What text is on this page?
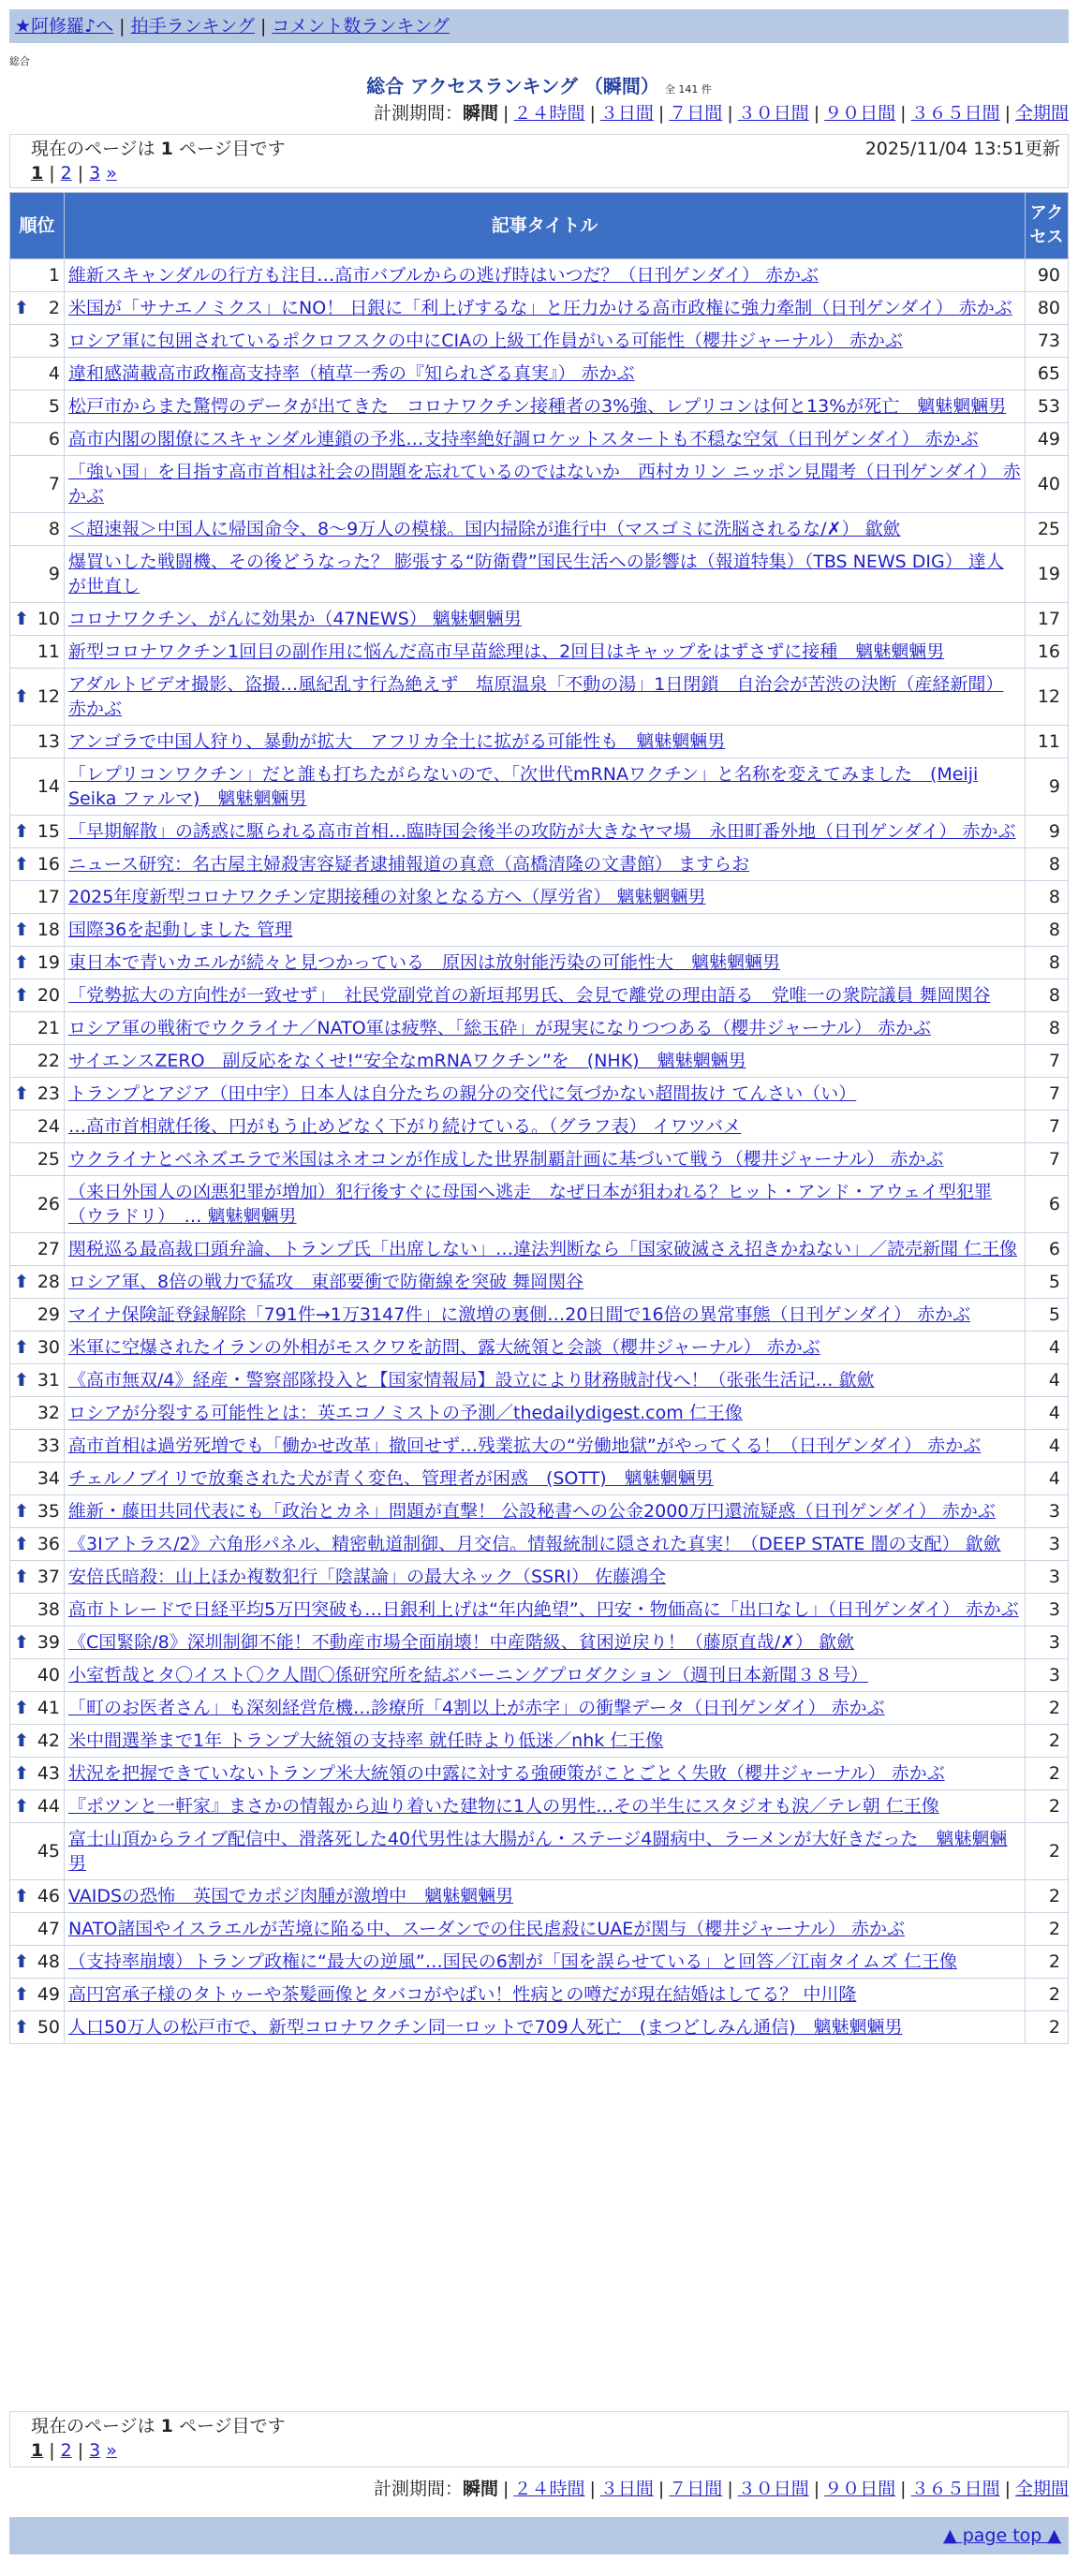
★阿修羅♪へ | 拍手ランキング | コメント数ランキング
総合
総合 アクセスランキング （瞬間） 全 141 件
計測期間：瞬間 | ２４時間 | ３日間 | ７日間 | ３０日間 | ９０日間 | ３６５日間 | 全期間
現在のページは 1 ページ目です
1 | 2 | 3 »
2025/11/04 13:51更新
順位	記事タイトル	アクセス
1	維新スキャンダルの行方も注目…高市バブルからの逃げ時はいつだ？（日刊ゲンダイ） 赤かぶ	90

⬆ 2	米国が「サナエノミクス」にNO！ 日銀に「利上げするな」と圧力かける高市政権に強力牽制（日刊ゲンダイ） 赤かぶ	80
3	ロシア軍に包囲されているポクロフスクの中にCIAの上級工作員がいる可能性（櫻井ジャーナル） 赤かぶ	73
4	違和感満載高市政権高支持率（植草一秀の『知られざる真実』） 赤かぶ	65
5	松戸市からまた驚愕のデータが出てきた　コロナワクチン接種者の3%強、レプリコンは何と13%が死亡　魑魅魍魎男	53
6	高市内閣の閣僚にスキャンダル連鎖の予兆…支持率絶好調ロケットスタートも不穏な空気（日刊ゲンダイ） 赤かぶ	49
7	「強い国」を目指す高市首相は社会の問題を忘れているのではないか　西村カリン ニッポン見聞考（日刊ゲンダイ） 赤かぶ	40
8	＜超速報＞中国人に帰国命令、8～9万人の模様。国内掃除が進行中（マスゴミに洗脳されるな/✗） 歙歛	25
9	爆買いした戦闘機、その後どうなった？ 膨張する“防衛費”国民生活への影響は（報道特集）（TBS NEWS DIG） 達人が世直し	19

⬆ 10	コロナワクチン、がんに効果か（47NEWS） 魑魅魍魎男	17
11	新型コロナワクチン1回目の副作用に悩んだ高市早苗総理は、2回目はキャップをはずさずに接種　魑魅魍魎男	16

⬆ 12	アダルトビデオ撮影、盗撮…風紀乱す行為絶えず　塩原温泉「不動の湯」1日閉鎖　自治会が苦渋の決断（産経新聞） 赤かぶ	12
13	アンゴラで中国人狩り、暴動が拡大　アフリカ全土に拡がる可能性も　魑魅魍魎男	11
14	「レプリコンワクチン」だと誰も打ちたがらないので、「次世代mRNAワクチン」と名称を変えてみました　(Meiji Seika ファルマ)　魑魅魍魎男	9

⬆ 15	「早期解散」の誘惑に駆られる高市首相…臨時国会後半の攻防が大きなヤマ場　永田町番外地（日刊ゲンダイ） 赤かぶ	9

⬆ 16	ニュース研究：名古屋主婦殺害容疑者逮捕報道の真意（高橋清隆の文書館） ますらお	8
17	2025年度新型コロナワクチン定期接種の対象となる方へ（厚労省） 魑魅魍魎男	8

⬆ 18	国際36を起動しました 管理	8

⬆ 19	東日本で青いカエルが続々と見つかっている　原因は放射能汚染の可能性大　魑魅魍魎男	8

⬆ 20	「党勢拡大の方向性が一致せず」　社民党副党首の新垣邦男氏、会見で離党の理由語る　党唯一の衆院議員 舞岡関谷	8
21	ロシア軍の戦術でウクライナ／NATO軍は疲弊、「総玉砕」が現実になりつつある（櫻井ジャーナル） 赤かぶ	8
22	サイエンスZERO　副反応をなくせ!“安全なmRNAワクチン”を　(NHK)　魑魅魍魎男	7

⬆ 23	トランプとアジア（田中宇）日本人は自分たちの親分の交代に気づかない超間抜け てんさい（い）	7
24	…高市首相就任後、円がもう止めどなく下がり続けている。（グラフ表） イワツバメ	7
25	ウクライナとベネズエラで米国はネオコンが作成した世界制覇計画に基づいて戦う（櫻井ジャーナル） 赤かぶ	7
26	（来日外国人の凶悪犯罪が増加）犯行後すぐに母国へ逃走　なぜ日本が狙われる？ヒット・アンド・アウェイ型犯罪（ウラドリ）　… 魑魅魍魎男	6
27	関税巡る最高裁口頭弁論、トランプ氏「出席しない」…違法判断なら「国家破滅さえ招きかねない」／読売新聞 仁王像	6

⬆ 28	ロシア軍、8倍の戦力で猛攻　東部要衝で防衛線を突破 舞岡関谷	5
29	マイナ保険証登録解除「791件→1万3147件」に激増の裏側…20日間で16倍の異常事態（日刊ゲンダイ） 赤かぶ	5

⬆ 30	米軍に空爆されたイランの外相がモスクワを訪問、露大統領と会談（櫻井ジャーナル） 赤かぶ	4

⬆ 31	《高市無双/4》経産・警察部隊投入と【国家情報局】設立により財務賊討伐へ！（张张生活记… 歙歛	4
32	ロシアが分裂する可能性とは：英エコノミストの予測／thedailydigest.com 仁王像	4
33	高市首相は過労死増でも「働かせ改革」撤回せず…残業拡大の“労働地獄”がやってくる！（日刊ゲンダイ） 赤かぶ	4
34	チェルノブイリで放棄された犬が青く変色、管理者が困惑　(SOTT)　魑魅魍魎男	4

⬆ 35	維新・藤田共同代表にも「政治とカネ」問題が直撃！ 公設秘書への公金2000万円還流疑惑（日刊ゲンダイ） 赤かぶ	3

⬆ 36	《3Iアトラス/2》六角形パネル、精密軌道制御、月交信。情報統制に隠された真実！（DEEP STATE 闇の支配） 歙歛	3

⬆ 37	安倍氏暗殺：山上ほか複数犯行「陰謀論」の最大ネック（SSRI） 佐藤鴻全	3
38	高市トレードで日経平均5万円突破も…日銀利上げは“年内絶望”、円安・物価高に「出口なし」（日刊ゲンダイ） 赤かぶ	3

⬆ 39	《C国緊除/8》深圳制御不能！不動産市場全面崩壊！中産階級、貧困逆戻り！（藤原直哉/✗） 歙歛	3
40	小室哲哉とタ〇イスト〇ク人間〇係研究所を結ぶバーニングプロダクション（週刊日本新聞３８号）	3

⬆ 41	「町のお医者さん」も深刻経営危機…診療所「4割以上が赤字」の衝撃データ（日刊ゲンダイ） 赤かぶ	2

⬆ 42	米中間選挙まで1年 トランプ大統領の支持率 就任時より低迷／nhk 仁王像	2

⬆ 43	状況を把握できていないトランプ米大統領の中露に対する強硬策がことごとく失敗（櫻井ジャーナル） 赤かぶ	2

⬆ 44	『ポツンと一軒家』まさかの情報から辿り着いた建物に1人の男性…その半生にスタジオも涙／テレ朝 仁王像	2
45	富士山頂からライブ配信中、滑落死した40代男性は大腸がん・ステージ4闘病中、ラーメンが大好きだった　魑魅魍魎男	2

⬆ 46	VAIDSの恐怖　英国でカポジ肉腫が激増中　魑魅魍魎男	2
47	NATO諸国やイスラエルが苦境に陥る中、スーダンでの住民虐殺にUAEが関与（櫻井ジャーナル） 赤かぶ	2

⬆ 48	（支持率崩壊）トランプ政権に“最大の逆風”…国民の6割が「国を誤らせている」と回答／江南タイムズ 仁王像	2

⬆ 49	高円宮承子様のタトゥーや茶髪画像とタバコがやばい！性病との噂だが現在結婚はしてる？ 中川隆	2

⬆ 50	人口50万人の松戸市で、新型コロナワクチン同一ロットで709人死亡　(まつどしみん通信)　魑魅魍魎男	2
現在のページは 1 ページ目です
1 | 2 | 3 »
計測期間：瞬間 | ２４時間 | ３日間 | ７日間 | ３０日間 | ９０日間 | ３６５日間 | 全期間
▲ page top ▲
